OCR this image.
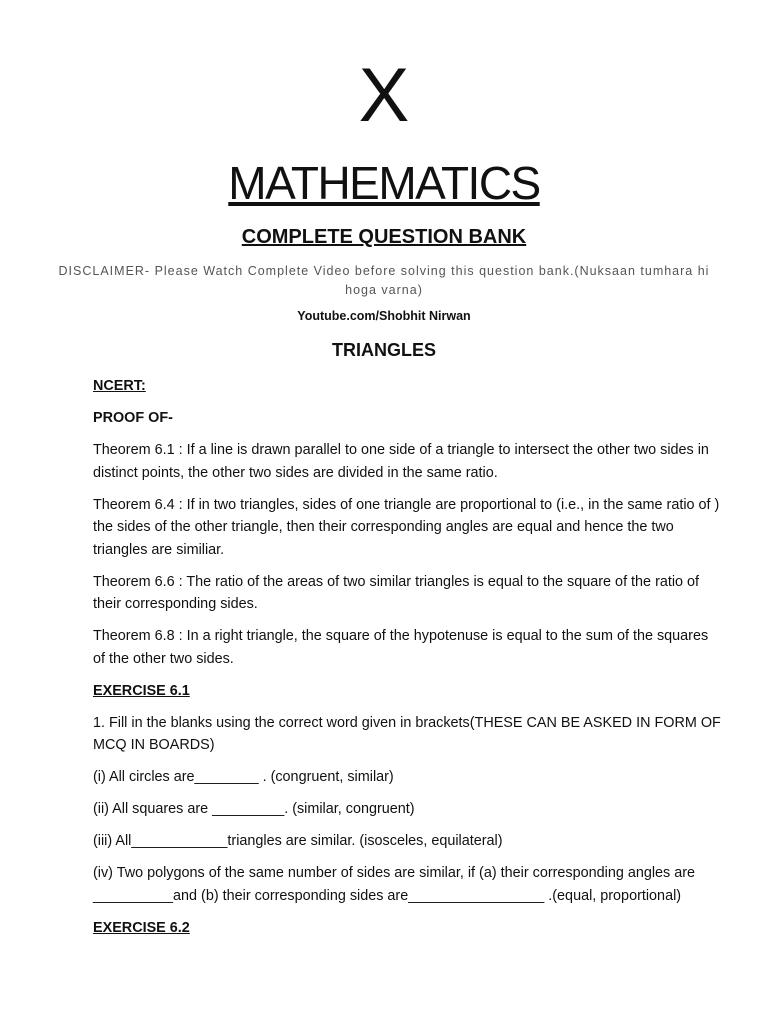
X
MATHEMATICS
COMPLETE QUESTION BANK
DISCLAIMER- Please Watch Complete Video before solving this question bank.(Nuksaan tumhara hi hoga varna)
Youtube.com/Shobhit Nirwan
TRIANGLES

NCERT:

PROOF OF-

Theorem 6.1 : If a line is drawn parallel to one side of a triangle to intersect the other two sides in distinct points, the other two sides are divided in the same ratio.

Theorem 6.4 : If in two triangles, sides of one triangle are proportional to (i.e., in the same ratio of ) the sides of the other triangle, then their corresponding angles are equal and hence the two triangles are similiar.

Theorem 6.6 : The ratio of the areas of two similar triangles is equal to the square of the ratio of their corresponding sides.

Theorem 6.8 : In a right triangle, the square of the hypotenuse is equal to the sum of the squares of the other two sides.

EXERCISE 6.1

1. Fill in the blanks using the correct word given in brackets(THESE CAN BE ASKED IN FORM OF MCQ IN BOARDS)

(i) All circles are________ . (congruent, similar)

(ii) All squares are _________. (similar, congruent)

(iii) All____________triangles are similar. (isosceles, equilateral)

(iv) Two polygons of the same number of sides are similar, if (a) their corresponding angles are __________and (b) their corresponding sides are_________________ .(equal, proportional)

EXERCISE 6.2
